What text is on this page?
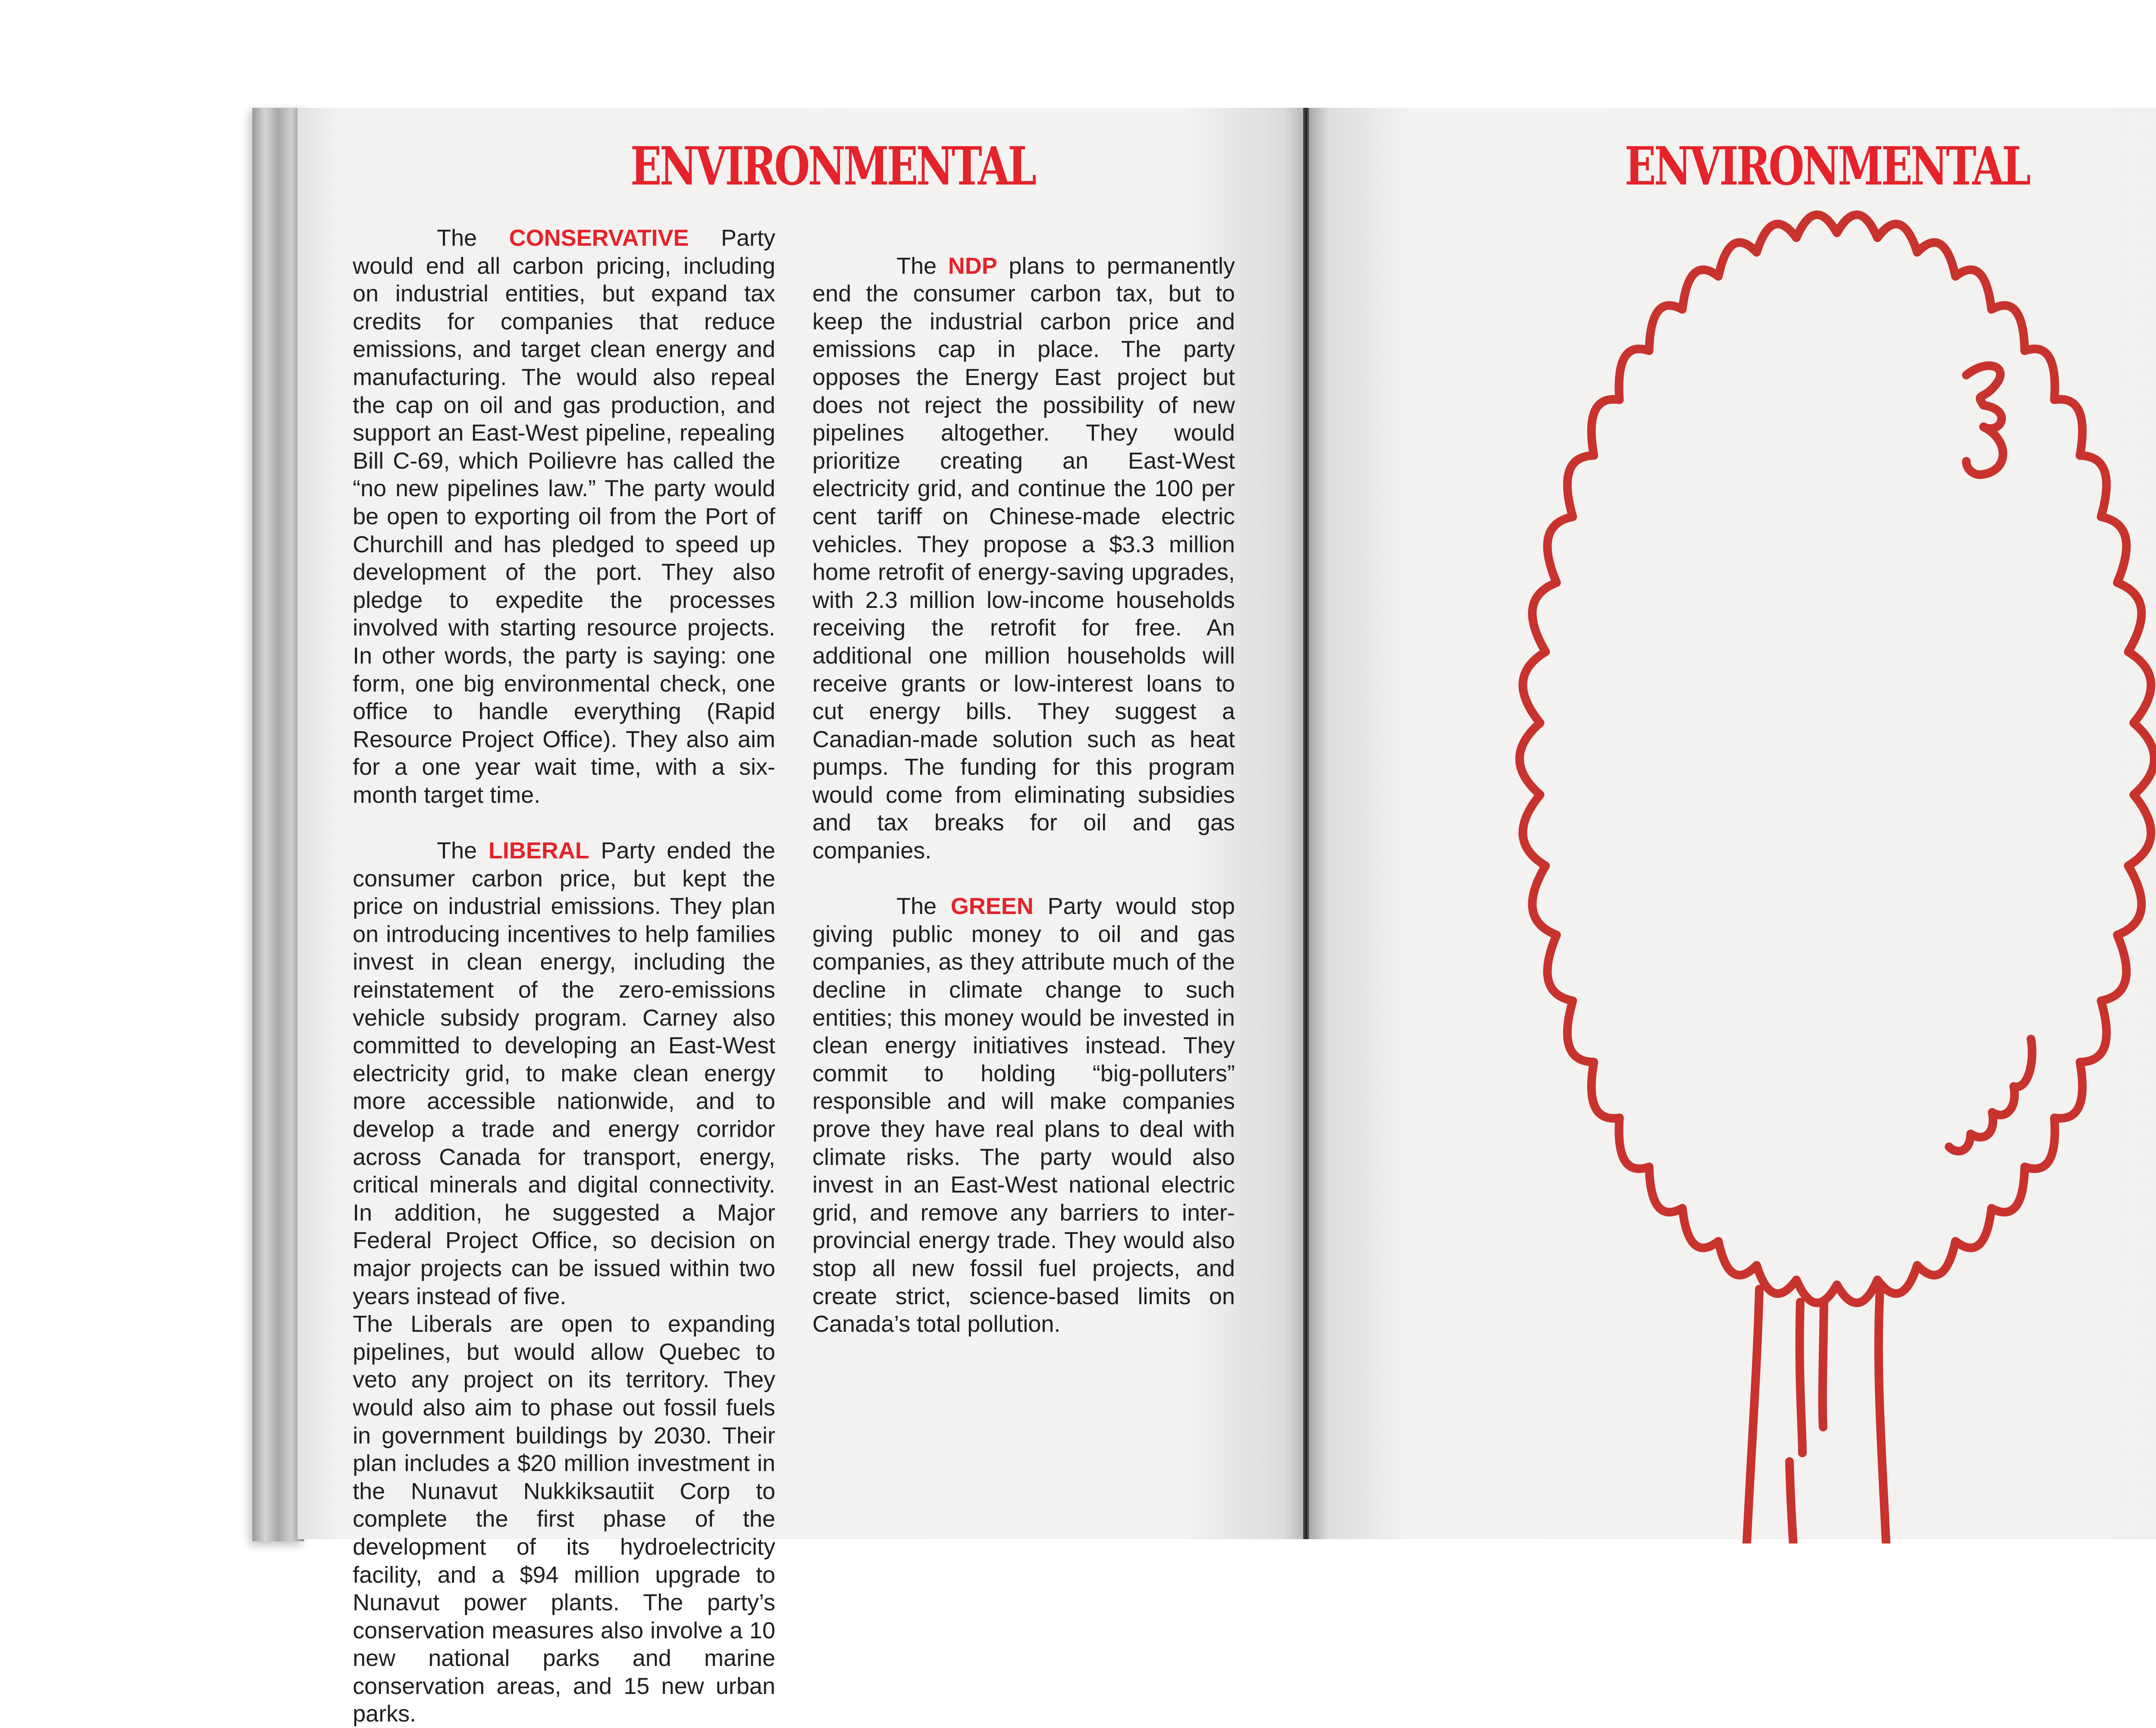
ENVIRONMENTAL	ENVIRONMENTAL

The CONSERVATIVE Party would end all carbon pricing, including on industrial entities, but expand tax credits for companies that reduce emissions, and target clean energy and manufacturing. The would also repeal the cap on oil and gas production, and support an East-West pipeline, repealing Bill C-69, which Poilievre has called the “no new pipelines law.” The party would be open to exporting oil from the Port of Churchill and has pledged to speed up development of the port. They also pledge to expedite the processes involved with starting resource projects. In other words, the party is saying: one form, one big environmental check, one office to handle everything (Rapid Resource Project Office). They also aim for a one year wait time, with a six-month target time.

The LIBERAL Party ended the consumer carbon price, but kept the price on industrial emissions. They plan on introducing incentives to help families invest in clean energy, including the reinstatement of the zero-emissions vehicle subsidy program. Carney also committed to developing an East-West electricity grid, to make clean energy more accessible nationwide, and to develop a trade and energy corridor across Canada for transport, energy, critical minerals and digital connectivity. In addition, he suggested a Major Federal Project Office, so decision on major projects can be issued within two years instead of five.

The Liberals are open to expanding pipelines, but would allow Quebec to veto any project on its territory. They would also aim to phase out fossil fuels in government buildings by 2030. Their plan includes a $20 million investment in the Nunavut Nukkiksautiit Corp to complete the first phase of the development of its hydroelectricity facility, and a $94 million upgrade to Nunavut power plants. The party’s conservation measures also involve a 10 new national parks and marine conservation areas, and 15 new urban parks.

The NDP plans to permanently end the consumer carbon tax, but to keep the industrial carbon price and emissions cap in place. The party opposes the Energy East project but does not reject the possibility of new pipelines altogether. They would prioritize creating an East-West electricity grid, and continue the 100 per cent tariff on Chinese-made electric vehicles. They propose a $3.3 million home retrofit of energy-saving upgrades, with 2.3 million low-income households receiving the retrofit for free. An additional one million households will receive grants or low-interest loans to cut energy bills. They suggest a Canadian-made solution such as heat pumps. The funding for this program would come from eliminating subsidies and tax breaks for oil and gas companies.

The GREEN Party would stop giving public money to oil and gas companies, as they attribute much of the decline in climate change to such entities; this money would be invested in clean energy initiatives instead. They commit to holding “big-polluters” responsible and will make companies prove they have real plans to deal with climate risks. The party would also invest in an East-West national electric grid, and remove any barriers to inter-provincial energy trade. They would also stop all new fossil fuel projects, and create strict, science-based limits on Canada’s total pollution.
